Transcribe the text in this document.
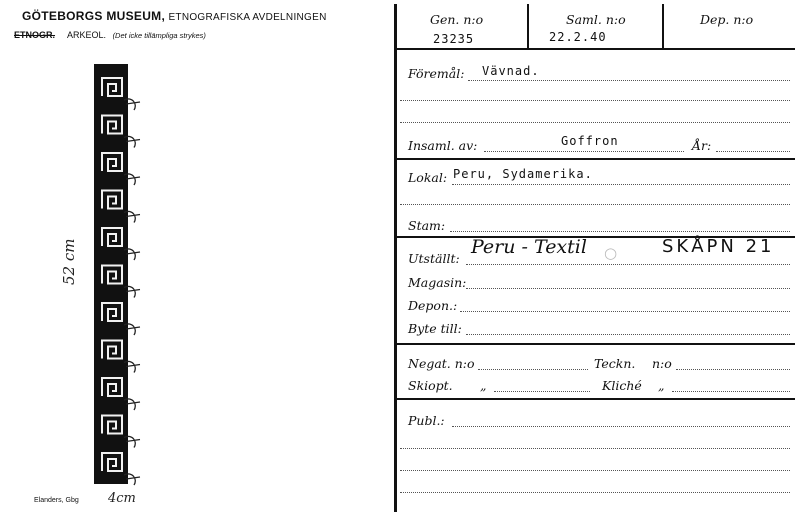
GÖTEBORGS MUSEUM, ETNOGRAFISKA AVDELNINGEN
ETNOGR. ARKEOL. (Det icke tillämpliga strykes)
52 cm
4cm
Elanders, Gbg
Gen. n:o
23235
Saml. n:o
22.2.40
Dep. n:o
Föremål: Vävnad.
Insaml. av:	Goffron	År:
Lokal: Peru, Sydamerika.
Stam:
Utställt:
Peru - Textil ○ SKÅPN 21
Magasin:
Depon.:
Byte till:
Negat. n:o	Teckn. n:o
Skiopt. „	Kliché „
Publ.:
